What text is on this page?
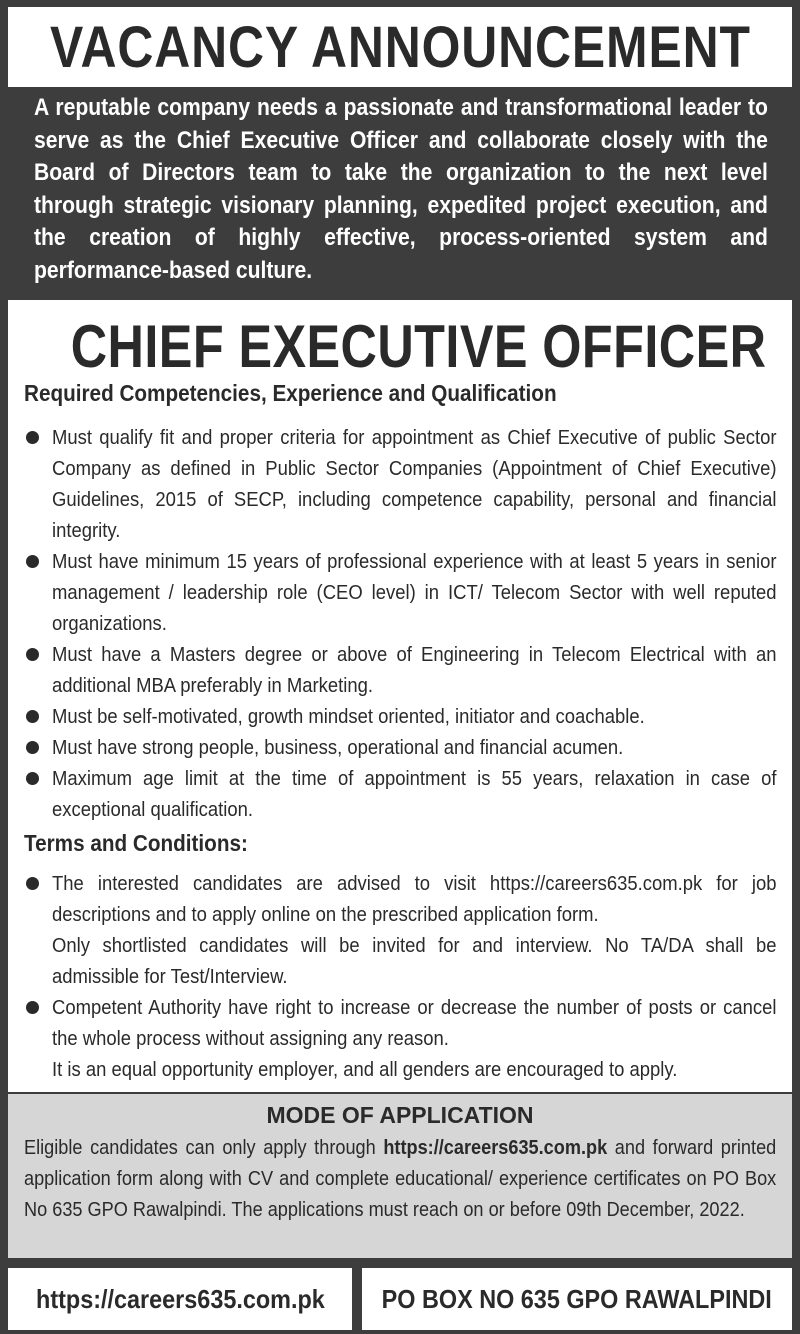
VACANCY ANNOUNCEMENT

A reputable company needs a passionate and transformational leader to serve as the Chief Executive Officer and collaborate closely with the Board of Directors team to take the organization to the next level through strategic visionary planning, expedited project execution, and the creation of highly effective, process-oriented system and performance-based culture.

CHIEF EXECUTIVE OFFICER
Required Competencies, Experience and Qualification
Must qualify fit and proper criteria for appointment as Chief Executive of public Sector Company as defined in Public Sector Companies (Appointment of Chief Executive) Guidelines, 2015 of SECP, including competence capability, personal and financial integrity.
Must have minimum 15 years of professional experience with at least 5 years in senior management / leadership role (CEO level) in ICT/ Telecom Sector with well reputed organizations.
Must have a Masters degree or above of Engineering in Telecom Electrical with an additional MBA preferably in Marketing.
Must be self-motivated, growth mindset oriented, initiator and coachable.
Must have strong people, business, operational and financial acumen.
Maximum age limit at the time of appointment is 55 years, relaxation in case of exceptional qualification.
Terms and Conditions:
The interested candidates are advised to visit https://careers635.com.pk for job descriptions and to apply online on the prescribed application form.
Only shortlisted candidates will be invited for and interview. No TA/DA shall be admissible for Test/Interview.
Competent Authority have right to increase or decrease the number of posts or cancel the whole process without assigning any reason.
It is an equal opportunity employer, and all genders are encouraged to apply.
MODE OF APPLICATION

Eligible candidates can only apply through https://careers635.com.pk and forward printed application form along with CV and complete educational/ experience certificates on PO Box No 635 GPO Rawalpindi. The applications must reach on or before 09th December, 2022.

https://careers635.com.pk PO BOX NO 635 GPO RAWALPINDI
